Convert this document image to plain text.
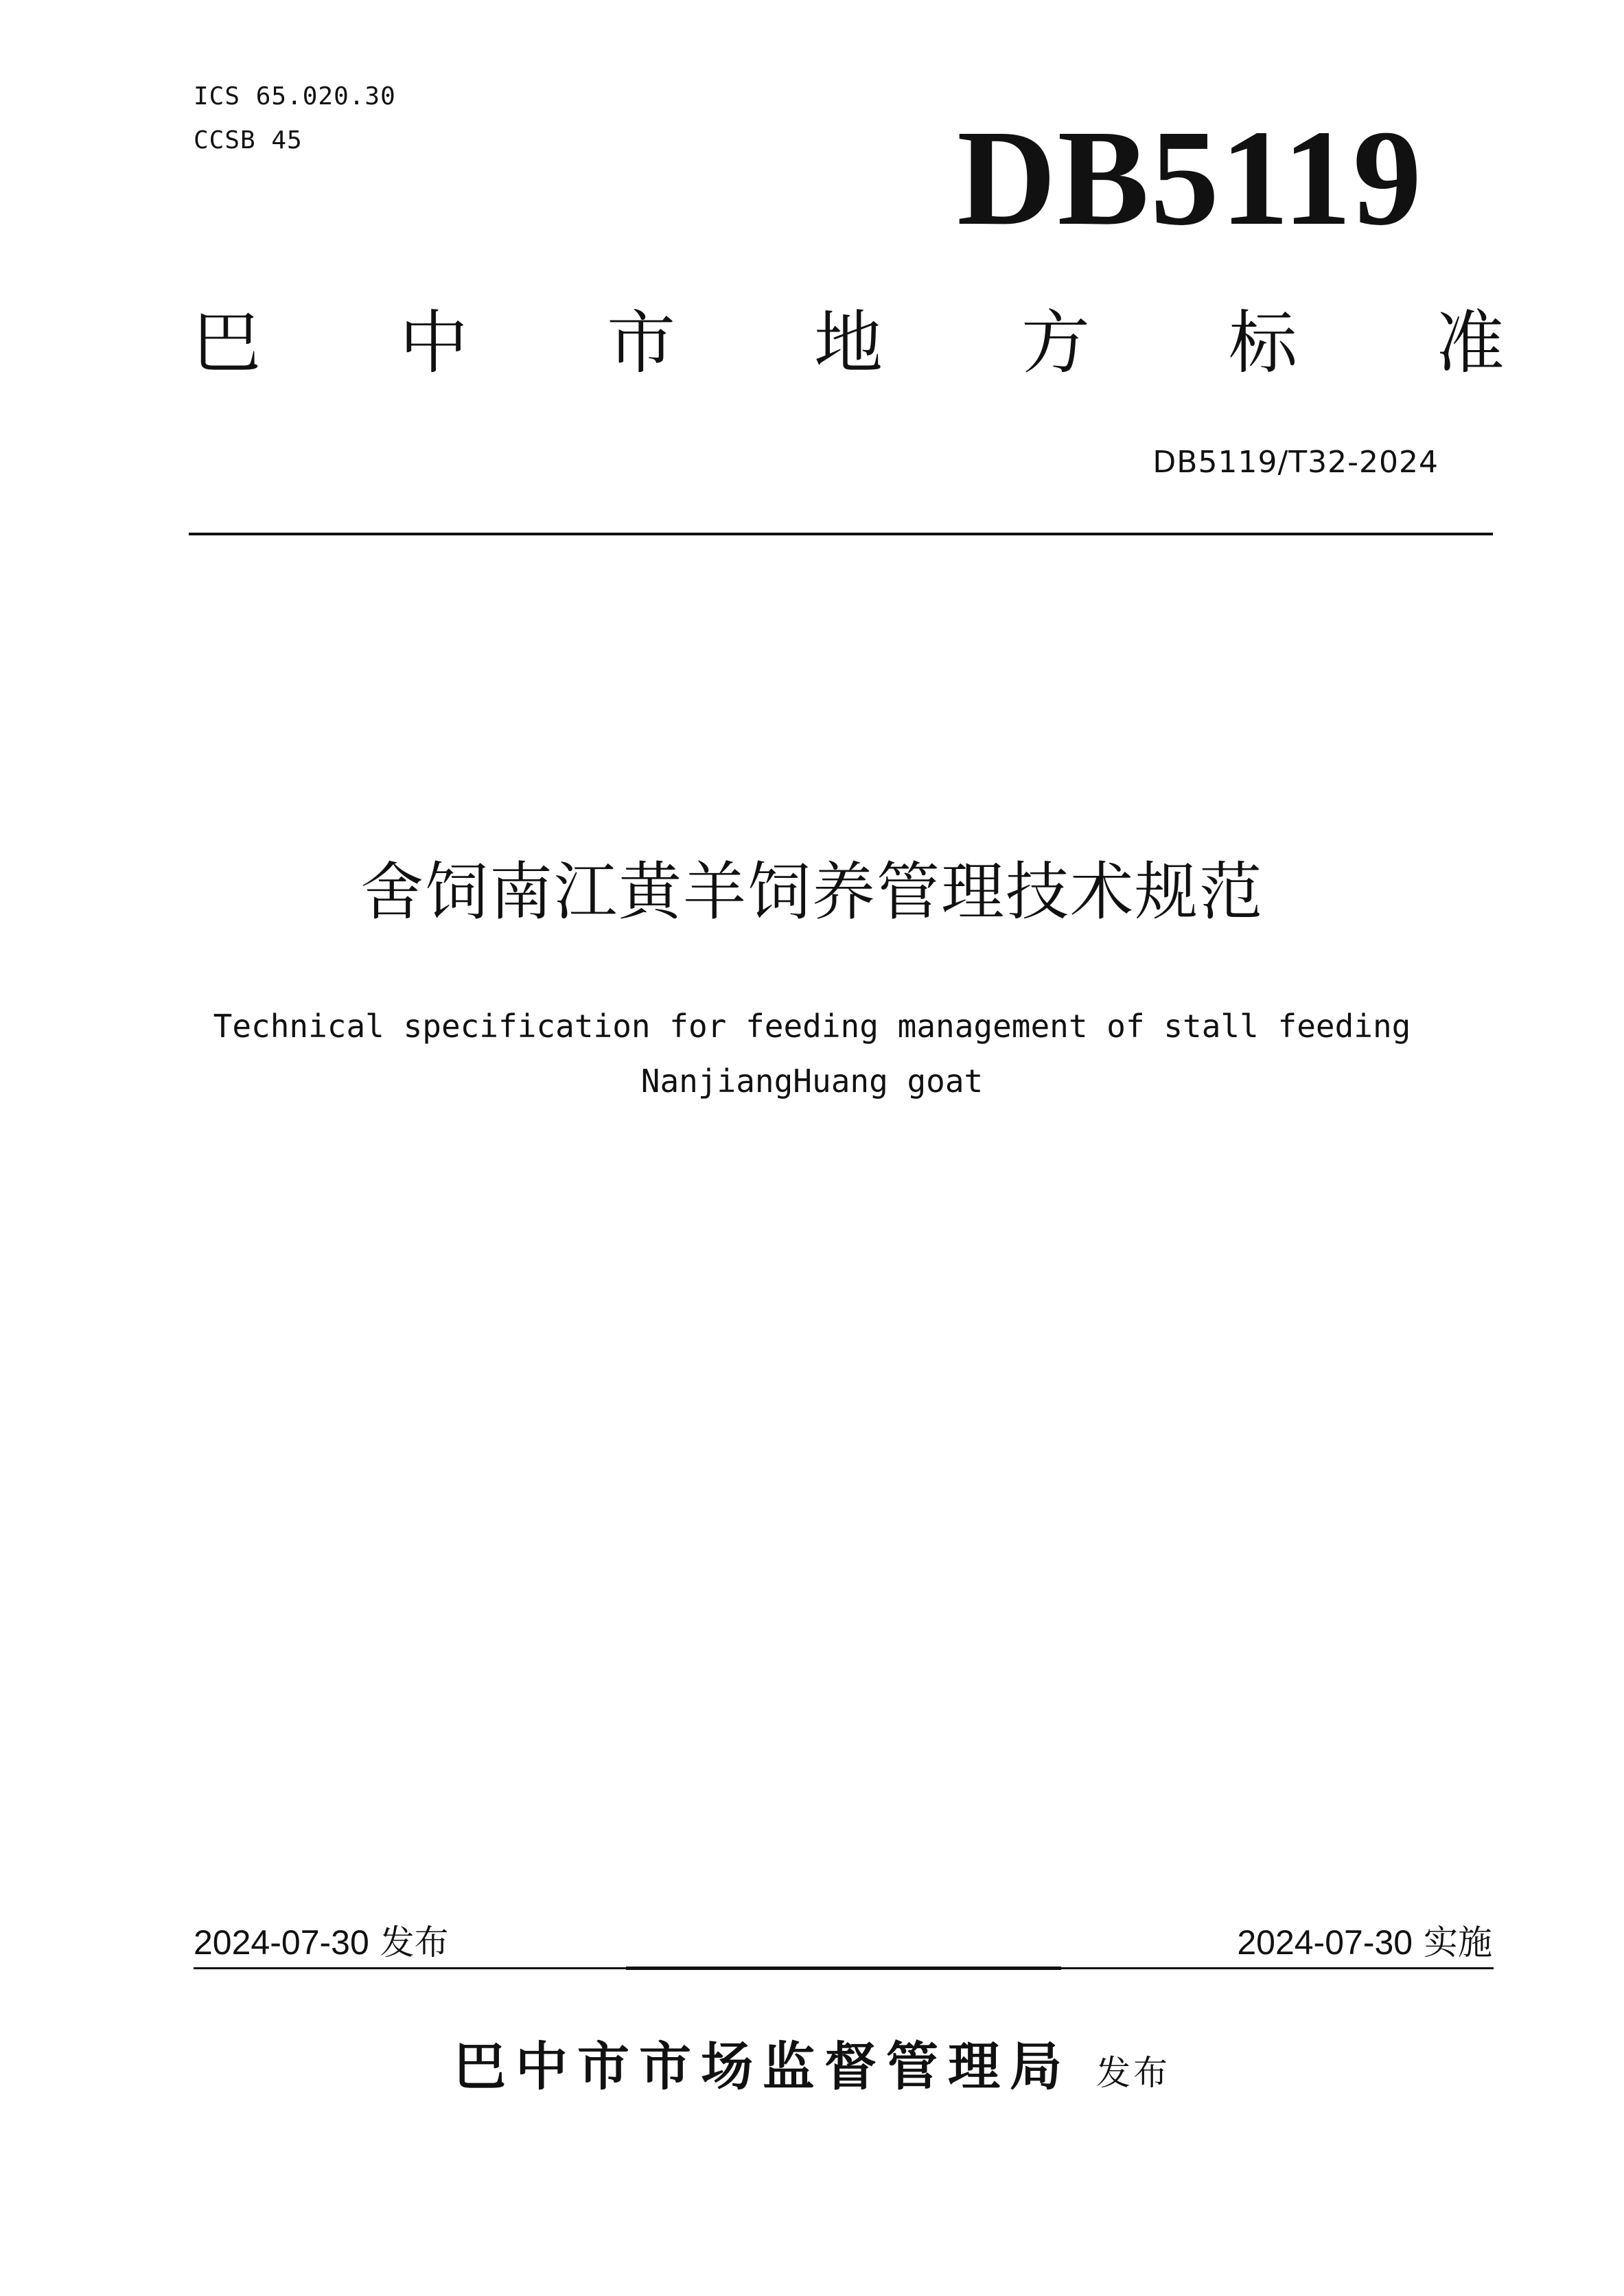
ICS 65.020.30
CCSB 45	DB5119
巴 中 市 地 方 标 准
DB5119/T32-2024
舍饲南江黄羊饲养管理技术规范
Technical specification for feeding management of stall feeding
NanjiangHuang goat
2024-07-30 发布	2024-07-30 实施
巴中市市场监督管理局 发布
